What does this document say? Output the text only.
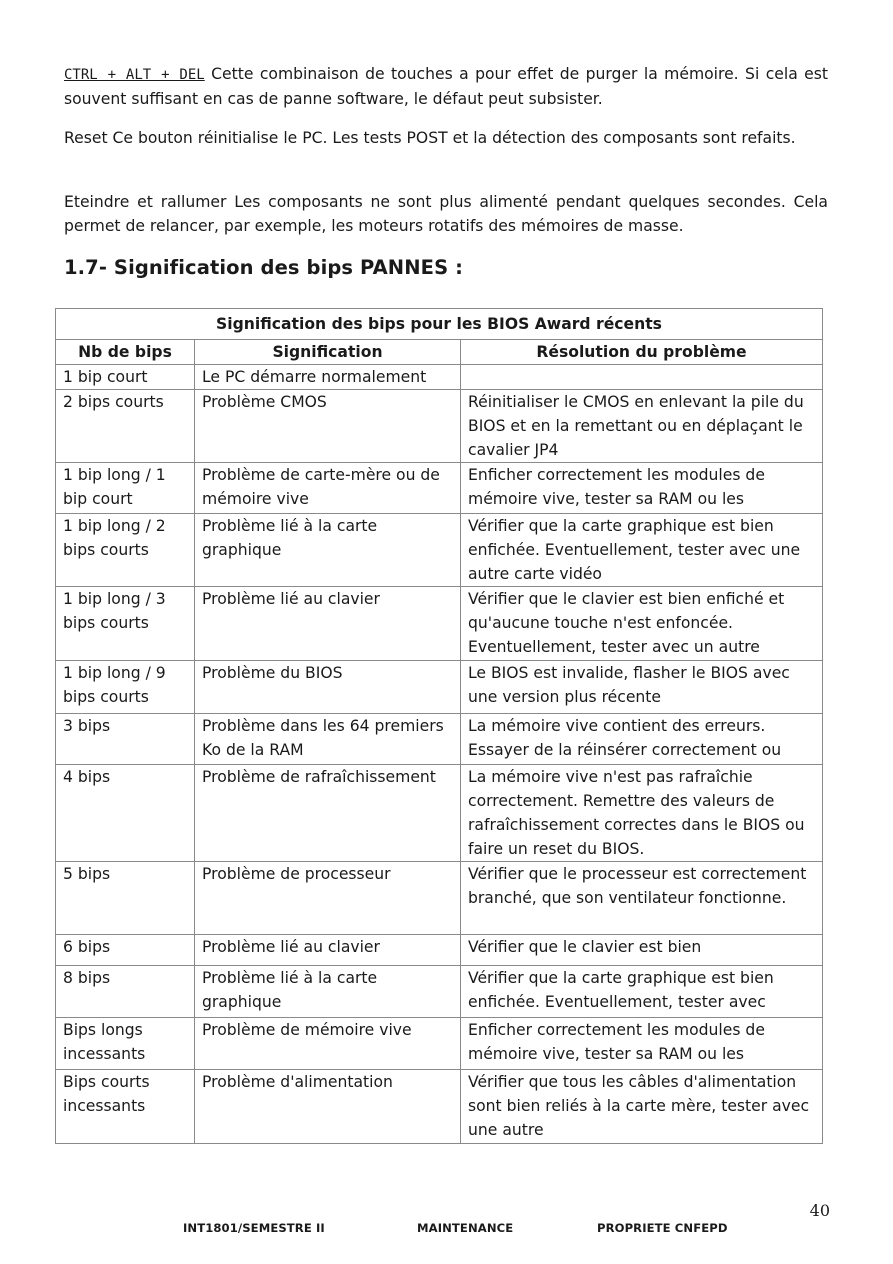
CTRL + ALT + DEL Cette combinaison de touches a pour effet de purger la mémoire. Si cela est souvent suffisant en cas de panne software, le défaut peut subsister.

Reset Ce bouton réinitialise le PC. Les tests POST et la détection des composants sont refaits.

Eteindre et rallumer Les composants ne sont plus alimenté pendant quelques secondes. Cela permet de relancer, par exemple, les moteurs rotatifs des mémoires de masse.

1.7- Signification des bips PANNES :
Signification des bips pour les BIOS Award récents		
Nb de bips	Signification	Résolution du problème
1 bip court	Le PC démarre normalement	
2 bips courts	Problème CMOS	Réinitialiser le CMOS en enlevant la pile du BIOS et en la remettant ou en déplaçant le cavalier JP4
1 bip long / 1 bip court	Problème de carte-mère ou de mémoire vive	Enficher correctement les modules de mémoire vive, tester sa RAM ou les
1 bip long / 2 bips courts	Problème lié à la carte graphique	Vérifier que la carte graphique est bien enfichée. Eventuellement, tester avec une autre carte vidéo
1 bip long / 3 bips courts	Problème lié au clavier	Vérifier que le clavier est bien enfiché et qu'aucune touche n'est enfoncée. Eventuellement, tester avec un autre
1 bip long / 9 bips courts	Problème du BIOS	Le BIOS est invalide, flasher le BIOS avec une version plus récente
3 bips	Problème dans les 64 premiers Ko de la RAM	La mémoire vive contient des erreurs. Essayer de la réinsérer correctement ou
4 bips	Problème de rafraîchissement	La mémoire vive n'est pas rafraîchie correctement. Remettre des valeurs de rafraîchissement correctes dans le BIOS ou faire un reset du BIOS.
5 bips	Problème de processeur	Vérifier que le processeur est correctement branché, que son ventilateur fonctionne.
6 bips	Problème lié au clavier	Vérifier que le clavier est bien
8 bips	Problème lié à la carte graphique	Vérifier que la carte graphique est bien enfichée. Eventuellement, tester avec
Bips longs incessants	Problème de mémoire vive	Enficher correctement les modules de mémoire vive, tester sa RAM ou les
Bips courts incessants	Problème d'alimentation	Vérifier que tous les câbles d'alimentation sont bien reliés à la carte mère, tester avec une autre
40
INT1801/SEMESTRE II	MAINTENANCE	PROPRIETE CNFEPD
